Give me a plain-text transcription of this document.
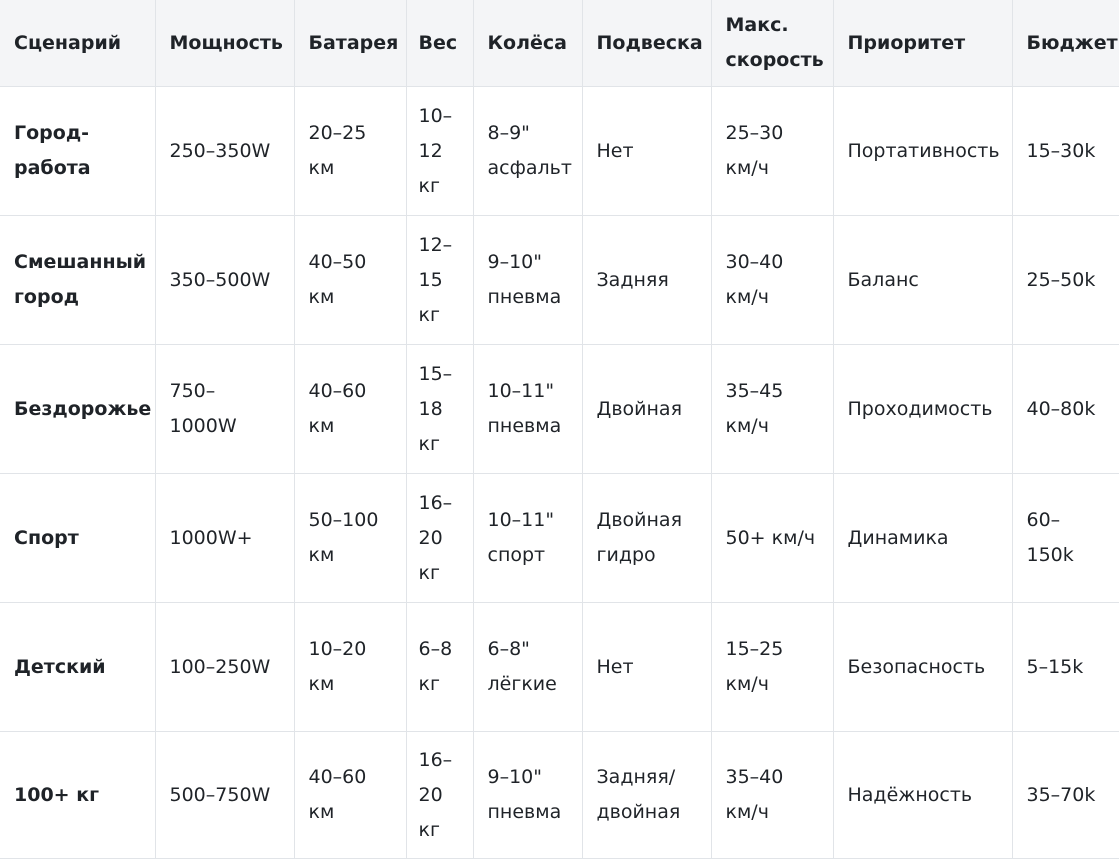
Сценарий	Мощность	Батарея	Вес	Колёса	Подвеска	Макс. скорость	Приоритет	Бюджет
Город-работа	250–350W	20–25 км	10–12 кг	8–9" асфальт	Нет	25–30 км/ч	Портативность	15–30k
Смешанный город	350–500W	40–50 км	12–15 кг	9–10" пневма	Задняя	30–40 км/ч	Баланс	25–50k
Бездорожье	750–1000W	40–60 км	15–18 кг	10–11" пневма	Двойная	35–45 км/ч	Проходимость	40–80k
Спорт	1000W+	50–100 км	16–20 кг	10–11" спорт	Двойная гидро	50+ км/ч	Динамика	60–150k
Детский	100–250W	10–20 км	6–8 кг	6–8" лёгкие	Нет	15–25 км/ч	Безопасность	5–15k
100+ кг	500–750W	40–60 км	16–20 кг	9–10" пневма	Задняя/ двойная	35–40 км/ч	Надёжность	35–70k
